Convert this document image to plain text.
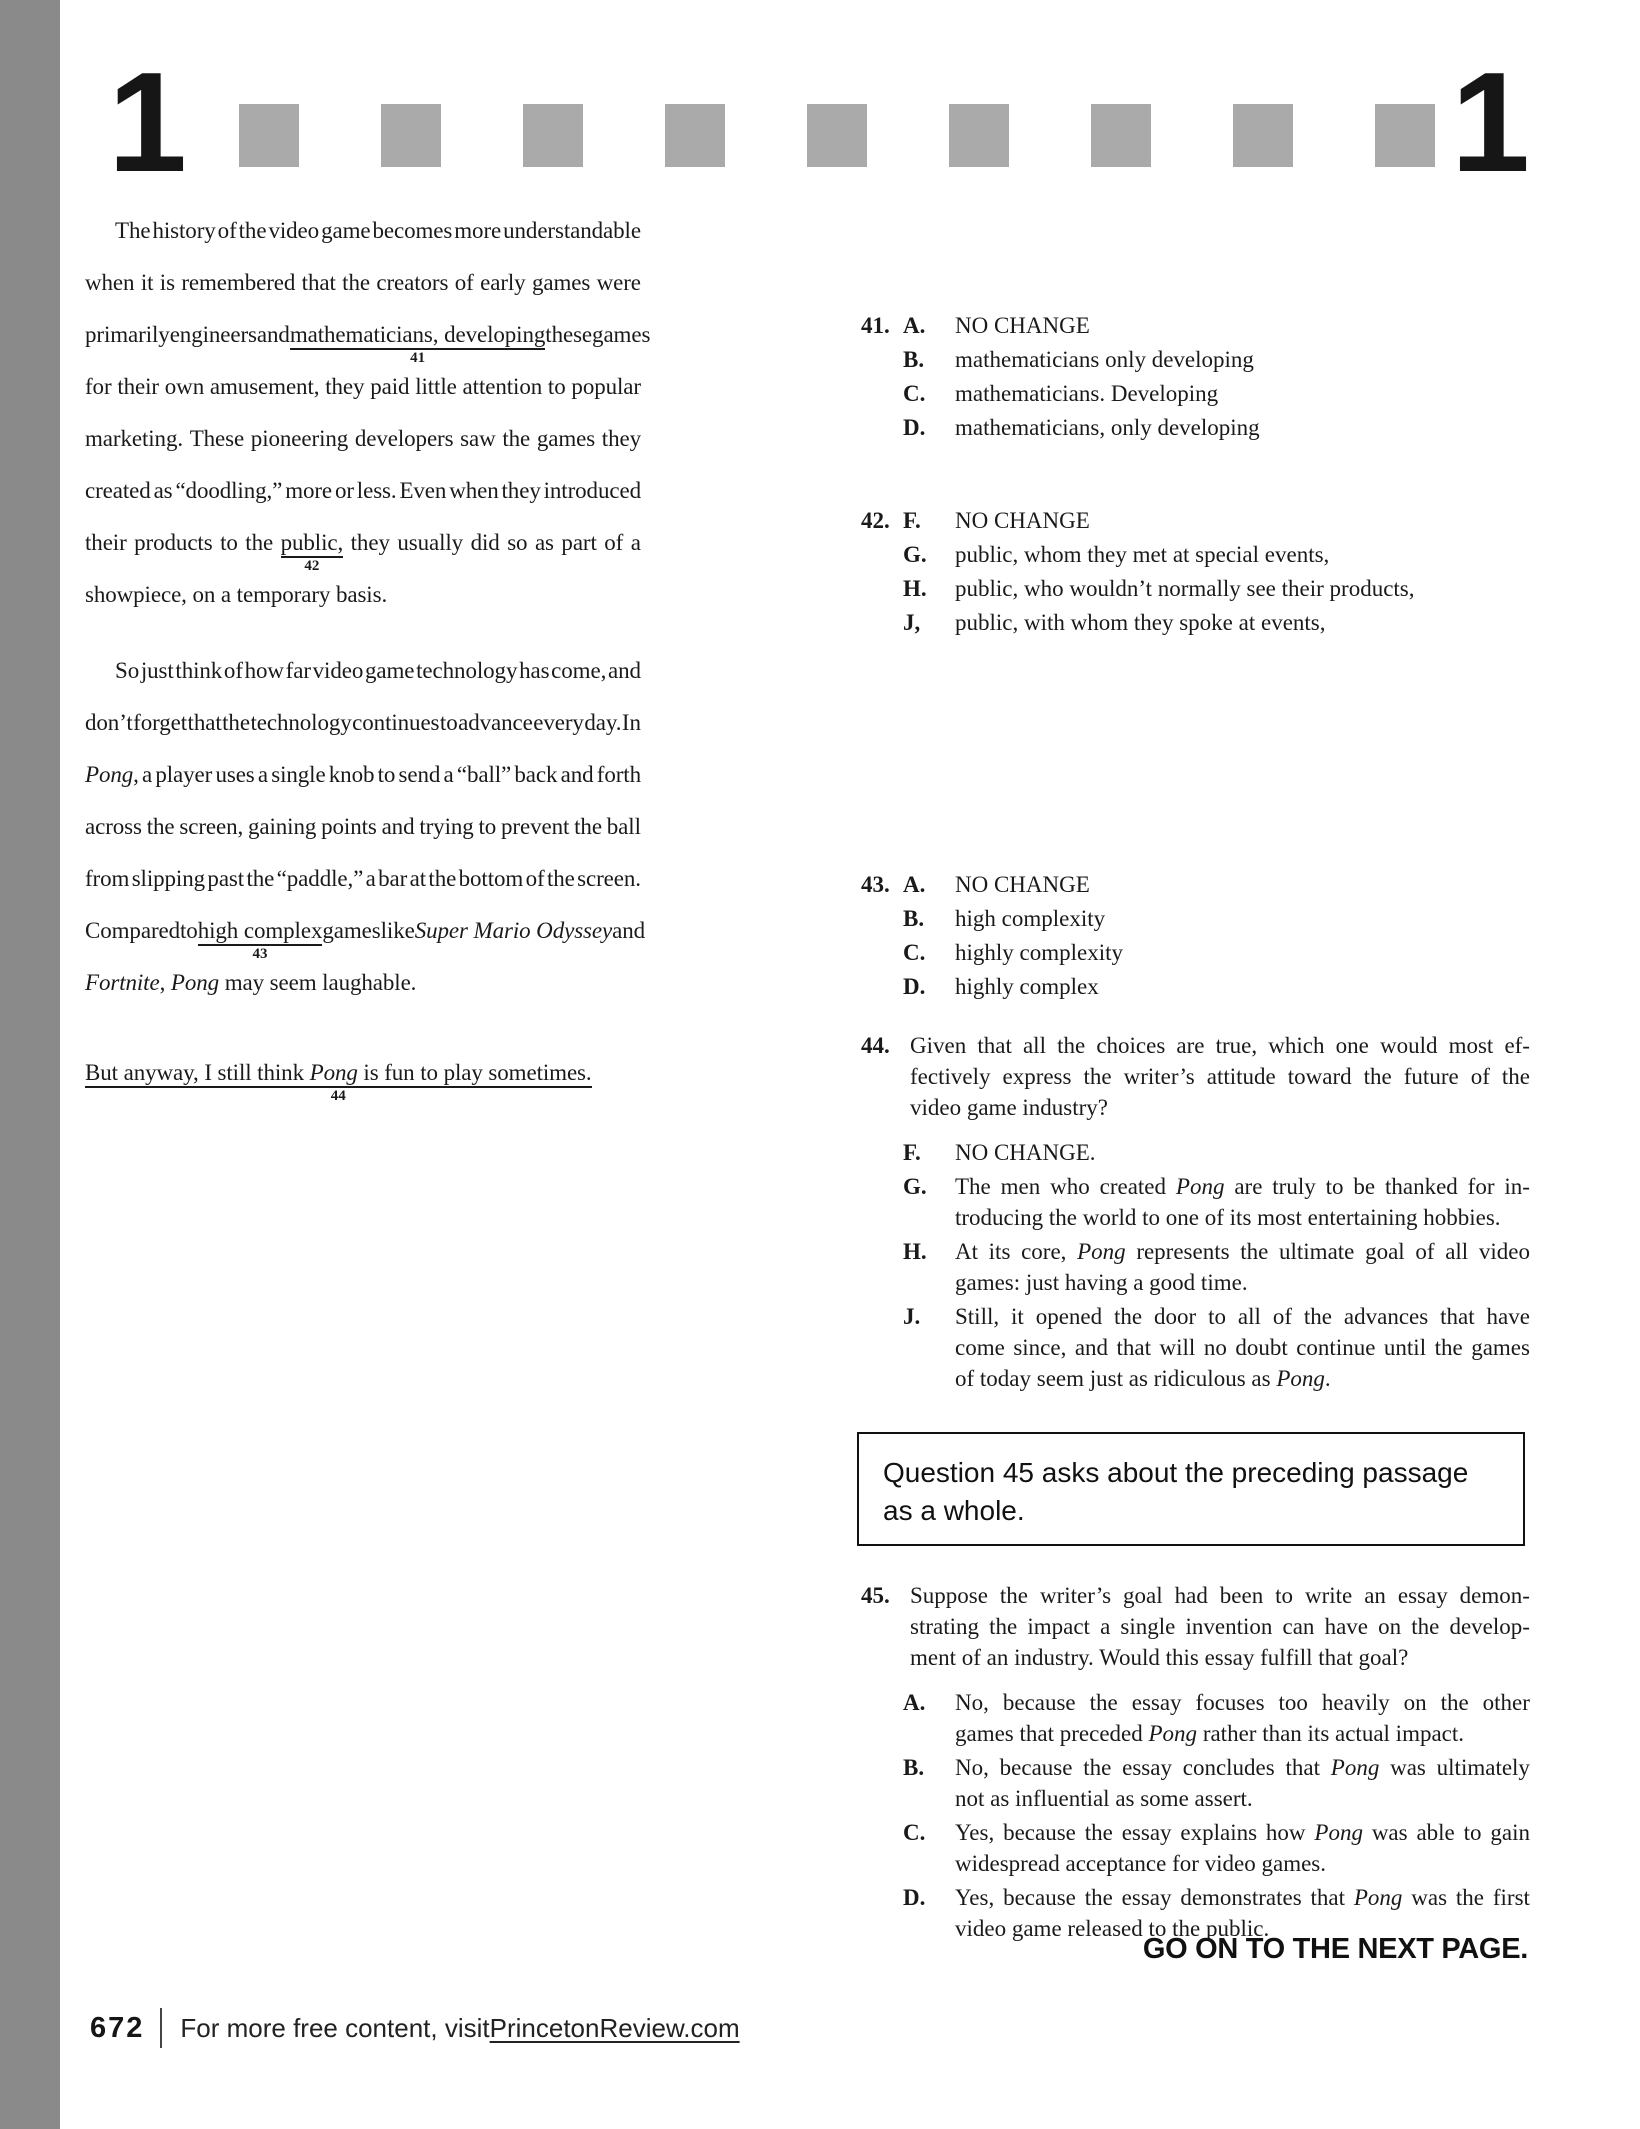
1	1
The history of the video game becomes more understandable
when it is remembered that the creators of early games were
primarily engineers and mathematicians, developing
41
these games
for their own amusement, they paid little attention to popular
marketing. These pioneering developers saw the games they
created as “doodling,” more or less. Even when they introduced
their products to the public,
42
they usually did so as part of a
showpiece, on a temporary basis.
So just think of how far video game technology has come, and
don’t forget that the technology continues to advance every day. In
Pong, a player uses a single knob to send a “ball” back and forth
across the screen, gaining points and trying to prevent the ball
from slipping past the “paddle,” a bar at the bottom of the screen.
Compared to high complex
43
games like Super Mario Odyssey and
Fortnite, Pong may seem laughable.
But anyway, I still think Pong is fun to play sometimes.
44
41. A. NO CHANGE
B. mathematicians only developing
C. mathematicians. Developing
D. mathematicians, only developing
42. F. NO CHANGE
G. public, whom they met at special events,
H. public, who wouldn’t normally see their products,
J, public, with whom they spoke at events,
43. A. NO CHANGE
B. high complexity
C. highly complexity
D. highly complex
44. Given that all the choices are true, which one would most ef-
fectively express the writer’s attitude toward the future of the
video game industry?
F. NO CHANGE.
G. The men who created Pong are truly to be thanked for in-
troducing the world to one of its most entertaining hobbies.
H. At its core, Pong represents the ultimate goal of all video
games: just having a good time.
J. Still, it opened the door to all of the advances that have
come since, and that will no doubt continue until the games
of today seem just as ridiculous as Pong.
45. Suppose the writer’s goal had been to write an essay demon-
strating the impact a single invention can have on the develop-
ment of an industry. Would this essay fulfill that goal?
A. No, because the essay focuses too heavily on the other
games that preceded Pong rather than its actual impact.
B. No, because the essay concludes that Pong was ultimately
not as influential as some assert.
C. Yes, because the essay explains how Pong was able to gain
widespread acceptance for video games.
D. Yes, because the essay demonstrates that Pong was the first
video game released to the public.
Question 45 asks about the preceding passage
as a whole.
GO ON TO THE NEXT PAGE.
672 For more free content, visit PrincetonReview.com
